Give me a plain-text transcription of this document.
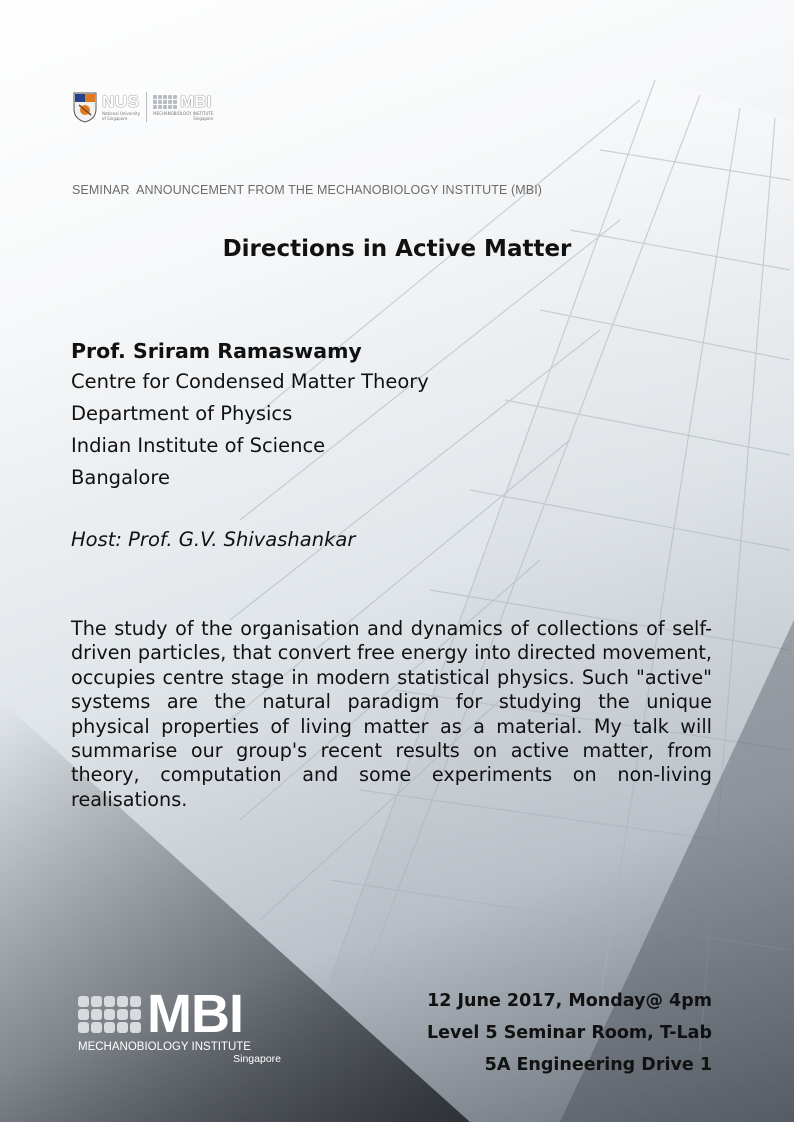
NUS
National University
of Singapore
MBI
MECHANOBIOLOGY INSTITUTE
Singapore
SEMINAR  ANNOUNCEMENT FROM THE MECHANOBIOLOGY INSTITUTE (MBI)
Directions in Active Matter
Prof. Sriram Ramaswamy
Centre for Condensed Matter Theory
Department of Physics
Indian Institute of Science
Bangalore
Host: Prof. G.V. Shivashankar
The study of the organisation and dynamics of collections of self-driven particles, that convert free energy into directed movement, occupies centre stage in modern statistical physics. Such "active" systems are the natural paradigm for studying the unique physical properties of living matter as a material. My talk will summarise our group's recent results on active matter, from theory, computation and some experiments on non-living realisations.
MBI
MECHANOBIOLOGY INSTITUTE
Singapore
12 June 2017, Monday@ 4pm
Level 5 Seminar Room, T-Lab
5A Engineering Drive 1
